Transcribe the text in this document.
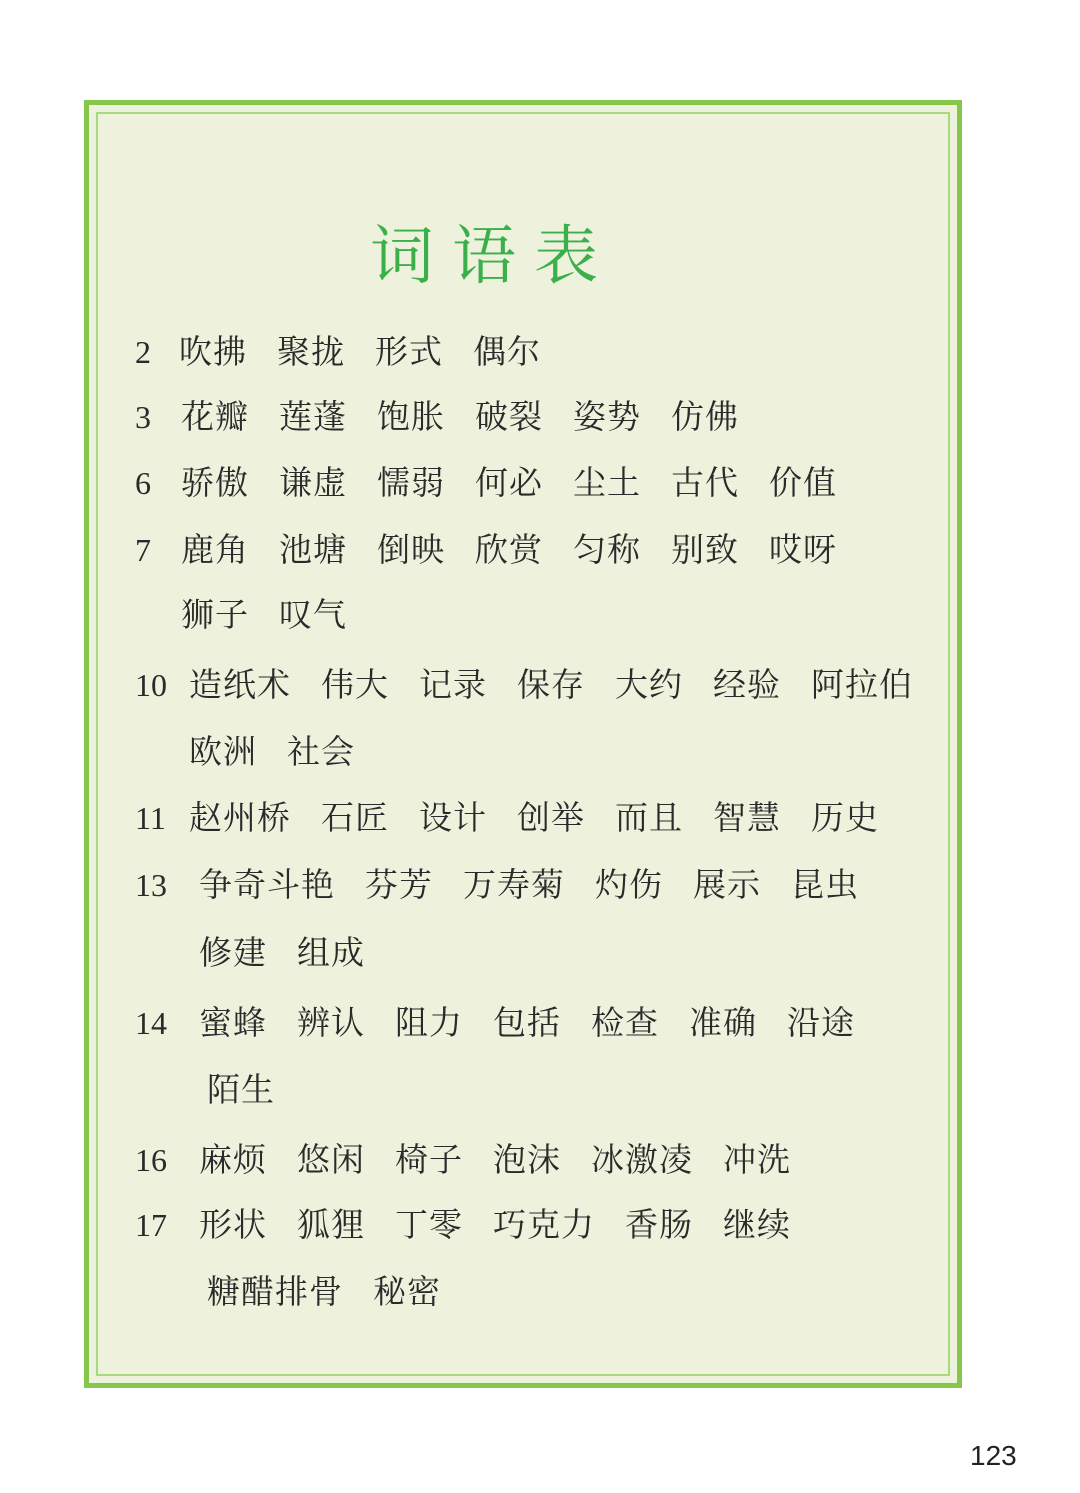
词语表
2 吹拂 聚拢 形式 偶尔
3 花瓣 莲蓬 饱胀 破裂 姿势 仿佛
6 骄傲 谦虚 懦弱 何必 尘土 古代 价值
7 鹿角 池塘 倒映 欣赏 匀称 别致 哎呀
狮子 叹气
10 造纸术 伟大 记录 保存 大约 经验 阿拉伯
欧洲 社会
11 赵州桥 石匠 设计 创举 而且 智慧 历史
13 争奇斗艳 芬芳 万寿菊 灼伤 展示 昆虫
修建 组成
14 蜜蜂 辨认 阻力 包括 检查 准确 沿途
陌生
16 麻烦 悠闲 椅子 泡沫 冰激凌 冲洗
17 形状 狐狸 丁零 巧克力 香肠 继续
糖醋排骨 秘密
123
